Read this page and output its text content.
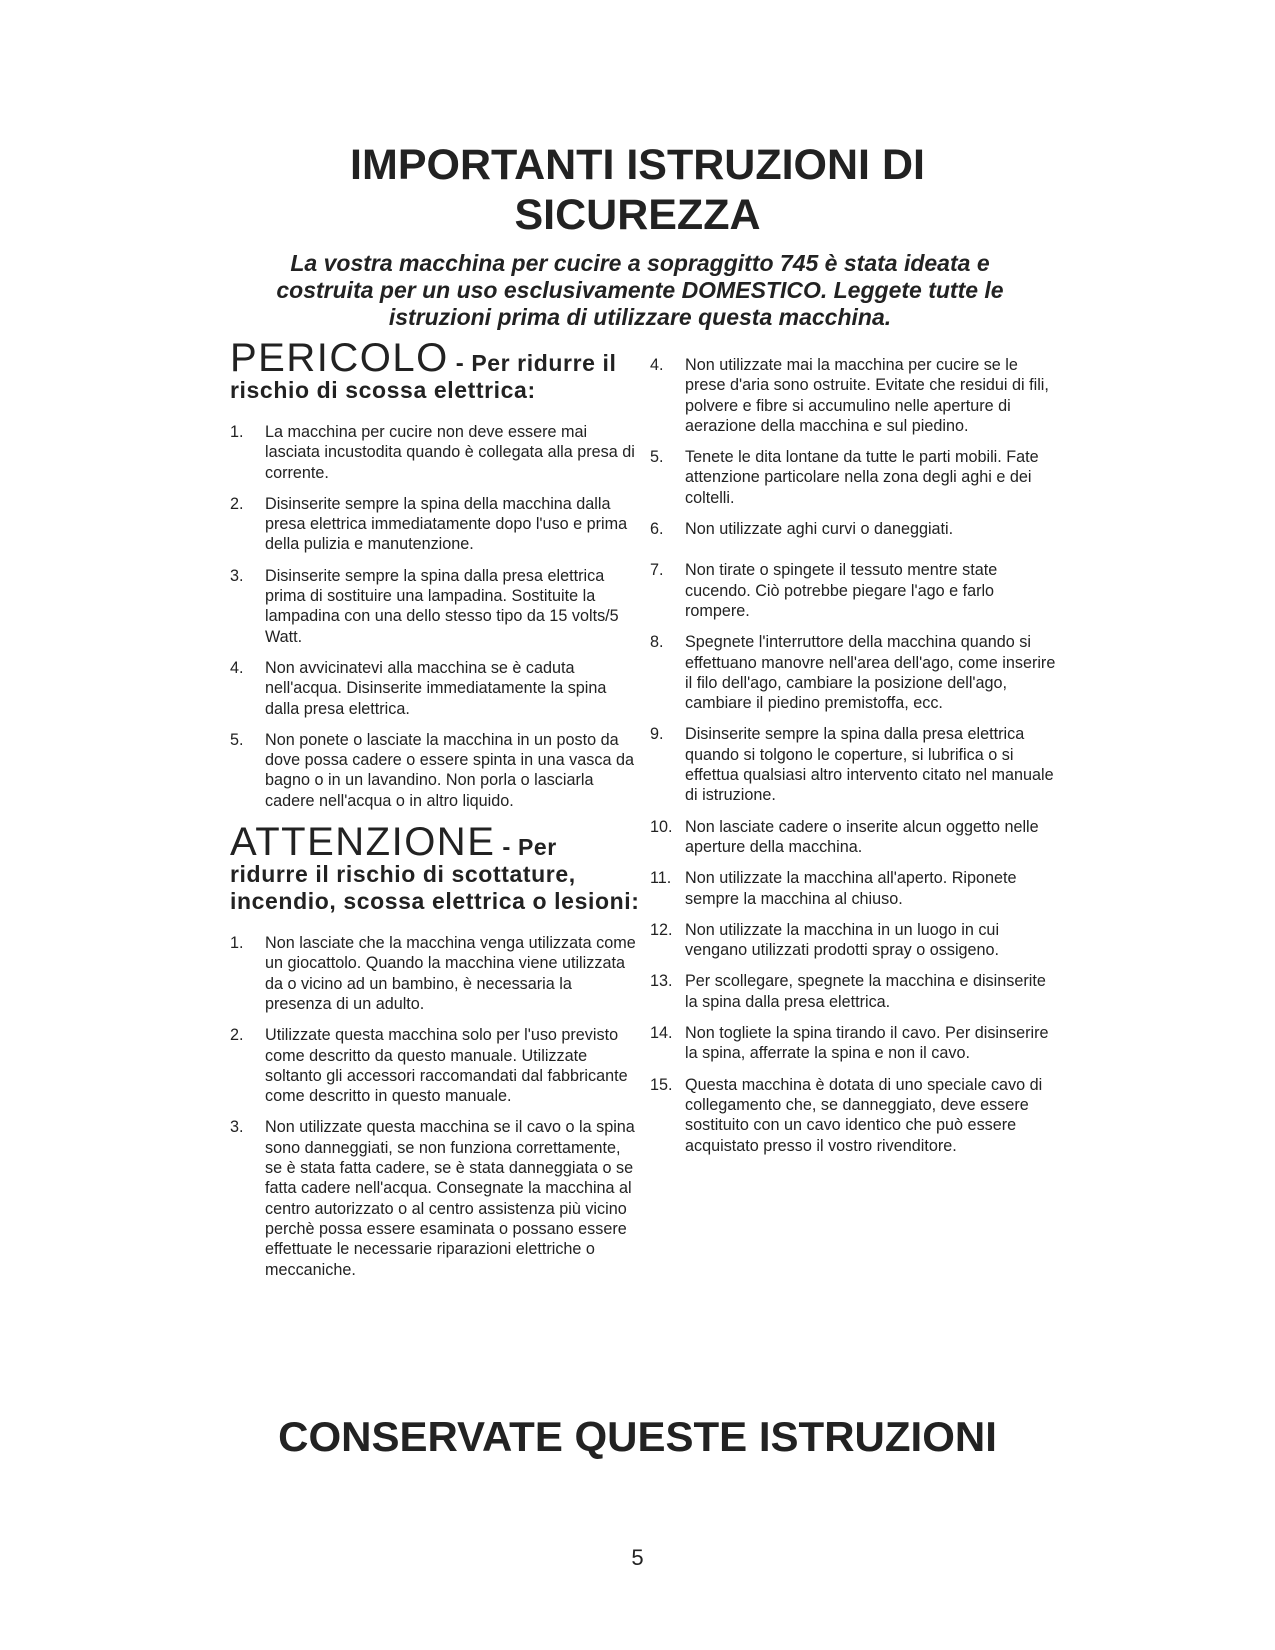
IMPORTANTI ISTRUZIONI DI
SICUREZZA

La vostra macchina per cucire a sopraggitto 745 è stata ideata e
costruita per un uso esclusivamente DOMESTICO. Leggete tutte le
istruzioni prima di utilizzare questa macchina.

PERICOLO - Per ridurre il rischio di scossa elettrica:
1. La macchina per cucire non deve essere mai lasciata incustodita quando è collegata alla presa di corrente.
2. Disinserite sempre la spina della macchina dalla presa elettrica immediatamente dopo l'uso e prima della pulizia e manutenzione.
3. Disinserite sempre la spina dalla presa elettrica prima di sostituire una lampadina. Sostituite la lampadina con una dello stesso tipo da 15 volts/5 Watt.
4. Non avvicinatevi alla macchina se è caduta nell'acqua. Disinserite immediatamente la spina dalla presa elettrica.
5. Non ponete o lasciate la macchina in un posto da dove possa cadere o essere spinta in una vasca da bagno o in un lavandino. Non porla o lasciarla cadere nell'acqua o in altro liquido.
ATTENZIONE - Per ridurre il rischio di scottature, incendio, scossa elettrica o lesioni:
1. Non lasciate che la macchina venga utilizzata come un giocattolo. Quando la macchina viene utilizzata da o vicino ad un bambino, è necessaria la presenza di un adulto.
2. Utilizzate questa macchina solo per l'uso previsto come descritto da questo manuale. Utilizzate soltanto gli accessori raccomandati dal fabbricante come descritto in questo manuale.
3. Non utilizzate questa macchina se il cavo o la spina sono danneggiati, se non funziona correttamente, se è stata fatta cadere, se è stata danneggiata o se fatta cadere nell'acqua. Consegnate la macchina al centro autorizzato o al centro assistenza più vicino perchè possa essere esaminata o possano essere effettuate le necessarie riparazioni elettriche o meccaniche.
4. Non utilizzate mai la macchina per cucire se le prese d'aria sono ostruite. Evitate che residui di fili, polvere e fibre si accumulino nelle aperture di aerazione della macchina e sul piedino.
5. Tenete le dita lontane da tutte le parti mobili. Fate attenzione particolare nella zona degli aghi e dei coltelli.
6. Non utilizzate aghi curvi o daneggiati.
7. Non tirate o spingete il tessuto mentre state cucendo. Ciò potrebbe piegare l'ago e farlo rompere.
8. Spegnete l'interruttore della macchina quando si effettuano manovre nell'area dell'ago, come inserire il filo dell'ago, cambiare la posizione dell'ago, cambiare il piedino premistoffa, ecc.
9. Disinserite sempre la spina dalla presa elettrica quando si tolgono le coperture, si lubrifica o si effettua qualsiasi altro intervento citato nel manuale di istruzione.
10. Non lasciate cadere o inserite alcun oggetto nelle aperture della macchina.
11. Non utilizzate la macchina all'aperto. Riponete sempre la macchina al chiuso.
12. Non utilizzate la macchina in un luogo in cui vengano utilizzati prodotti spray o ossigeno.
13. Per scollegare, spegnete la macchina e disinserite la spina dalla presa elettrica.
14. Non togliete la spina tirando il cavo. Per disinserire la spina, afferrate la spina e non il cavo.
15. Questa macchina è dotata di uno speciale cavo di collegamento che, se danneggiato, deve essere sostituito con un cavo identico che può essere acquistato presso il vostro rivenditore.
CONSERVATE QUESTE ISTRUZIONI
5
